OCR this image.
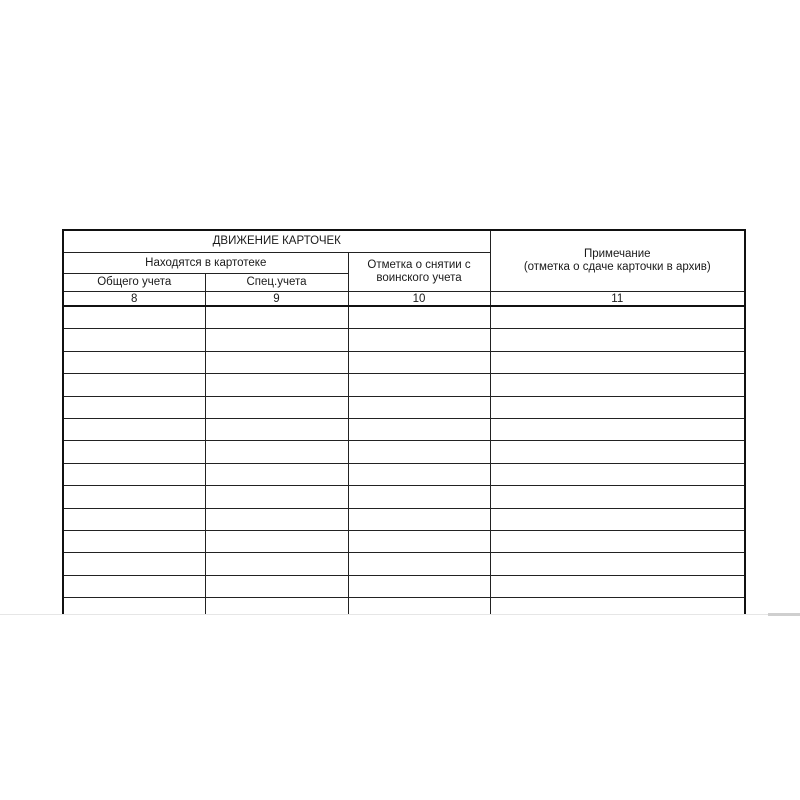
ДВИЖЕНИЕ КАРТОЧЕК			Примечание
(отметка о сдаче карточки в архив)

Находятся в картотеке		Отметка о снятии с воинского учета	
Общего учета	Спец.учета		
8	9	10	11
